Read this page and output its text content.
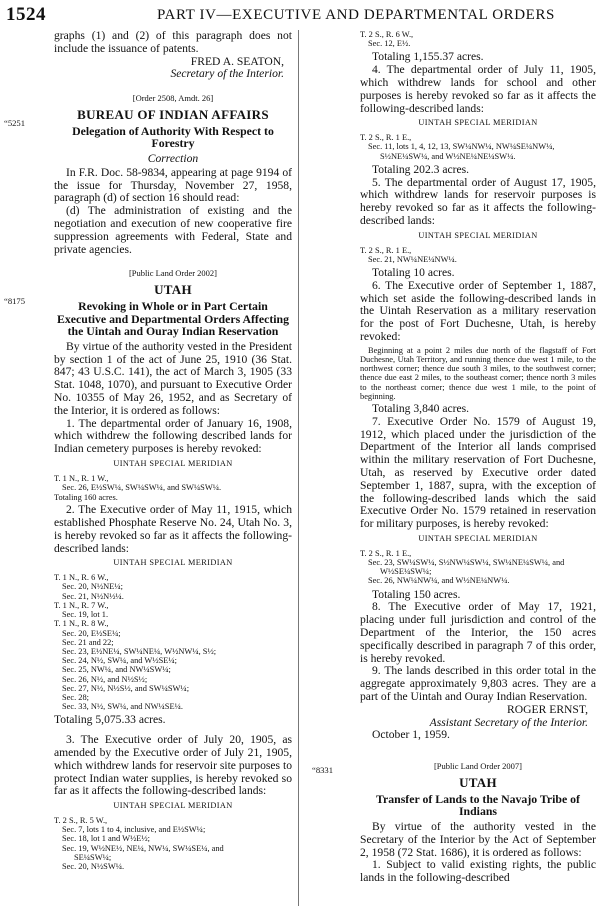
1524	PART IV—EXECUTIVE AND DEPARTMENTAL ORDERS
“5251
“8175
“8331

graphs (1) and (2) of this paragraph does not include the issuance of patents.

FRED A. SEATON,

Secretary of the Interior.

[Order 2508, Amdt. 26]

BUREAU OF INDIAN AFFAIRS

Delegation of Authority With Respect to Forestry

Correction

In F.R. Doc. 58-9834, appearing at page 9194 of the issue for Thursday, November 27, 1958, paragraph (d) of section 16 should read:

(d) The administration of existing and the negotiation and execution of new cooperative fire suppression agreements with Federal, State and private agencies.

[Public Land Order 2002]

UTAH

Revoking in Whole or in Part Certain Executive and Departmental Orders Affecting the Uintah and Ouray Indian Reservation

By virtue of the authority vested in the President by section 1 of the act of June 25, 1910 (36 Stat. 847; 43 U.S.C. 141), the act of March 3, 1905 (33 Stat. 1048, 1070), and pursuant to Executive Order No. 10355 of May 26, 1952, and as Secretary of the Interior, it is ordered as follows:

1. The departmental order of January 16, 1908, which withdrew the following described lands for Indian cemetery purposes is hereby revoked:

UINTAH SPECIAL MERIDIAN

T. 1 N., R. 1 W.,
Sec. 26, E½SW¼, SW¼SW¼, and SW¼SW¼.

Totaling 160 acres.

2. The Executive order of May 11, 1915, which established Phosphate Reserve No. 24, Utah No. 3, is hereby revoked so far as it affects the following-described lands:

UINTAH SPECIAL MERIDIAN

T. 1 N., R. 6 W.,
Sec. 20, N½NE¼;
Sec. 21, N½N½¼.
T. 1 N., R. 7 W.,
Sec. 19, lot 1.
T. 1 N., R. 8 W.,
Sec. 20, E½SE¼;
Sec. 21 and 22;
Sec. 23, E½NE¼, SW¼NE¼, W½NW¼, S½;
Sec. 24, N½, SW¼, and W½SE¼;
Sec. 25, NW¼, and NW¼SW¼;
Sec. 26, N½, and N½S½;
Sec. 27, N½, N½S½, and SW¼SW¼;
Sec. 28;
Sec. 33, N½, SW¼, and NW¼SE¼.

Totaling 5,075.33 acres.

3. The Executive order of July 20, 1905, as amended by the Executive order of July 21, 1905, which withdrew lands for reservoir site purposes to protect Indian water supplies, is hereby revoked so far as it affects the following-described lands:

UINTAH SPECIAL MERIDIAN

T. 2 S., R. 5 W.,
Sec. 7, lots 1 to 4, inclusive, and E½SW¼;
Sec. 18, lot 1 and W½E½;
Sec. 19, W½NE½, NE¼, NW¼, SW¼SE¼, and
SE¼SW¼;
Sec. 20, N½SW¼.
T. 2 S., R. 6 W.,
Sec. 12, E½.

Totaling 1,155.37 acres.

4. The departmental order of July 11, 1905, which withdrew lands for school and other purposes is hereby revoked so far as it affects the following-described lands:

UINTAH SPECIAL MERIDIAN

T. 2 S., R. 1 E.,
Sec. 11, lots 1, 4, 12, 13, SW¼NW¼, NW¼SE¼NW¼,
S½NE¼SW¼, and W½NE¼NE¼SW¼.

Totaling 202.3 acres.

5. The departmental order of August 17, 1905, which withdrew lands for reservoir purposes is hereby revoked so far as it affects the following-described lands:

UINTAH SPECIAL MERIDIAN

T. 2 S., R. 1 E.,
Sec. 21, NW¼NE¼NW¼.

Totaling 10 acres.

6. The Executive order of September 1, 1887, which set aside the following-described lands in the Uintah Reservation as a military reservation for the post of Fort Duchesne, Utah, is hereby revoked:

Beginning at a point 2 miles due north of the flagstaff of Fort Duchesne, Utah Territory, and running thence due west 1 mile, to the northwest corner; thence due south 3 miles, to the southwest corner; thence due east 2 miles, to the southeast corner; thence north 3 miles to the northeast corner; thence due west 1 mile, to the point of beginning.

Totaling 3,840 acres.

7. Executive Order No. 1579 of August 19, 1912, which placed under the jurisdiction of the Department of the Interior all lands comprised within the military reservation of Fort Duchesne, Utah, as reserved by Executive order dated September 1, 1887, supra, with the exception of the following-described lands which the said Executive Order No. 1579 retained in reservation for military purposes, is hereby revoked:

UINTAH SPECIAL MERIDIAN

T. 2 S., R. 1 E.,
Sec. 23, SW¼SW¼, S½NW¼SW¼, SW¼NE¼SW¼, and
W½SE¼SW¼;
Sec. 26, NW¼NW¼, and W½NE¼NW¼.

Totaling 150 acres.

8. The Executive order of May 17, 1921, placing under full jurisdiction and control of the Department of the Interior, the 150 acres specifically described in paragraph 7 of this order, is hereby revoked.

9. The lands described in this order total in the aggregate approximately 9,803 acres. They are a part of the Uintah and Ouray Indian Reservation.

ROGER ERNST,

Assistant Secretary of the Interior.

October 1, 1959.

[Public Land Order 2007]

UTAH

Transfer of Lands to the Navajo Tribe of Indians

By virtue of the authority vested in the Secretary of the Interior by the Act of September 2, 1958 (72 Stat. 1686), it is ordered as follows:

1. Subject to valid existing rights, the public lands in the following-described
